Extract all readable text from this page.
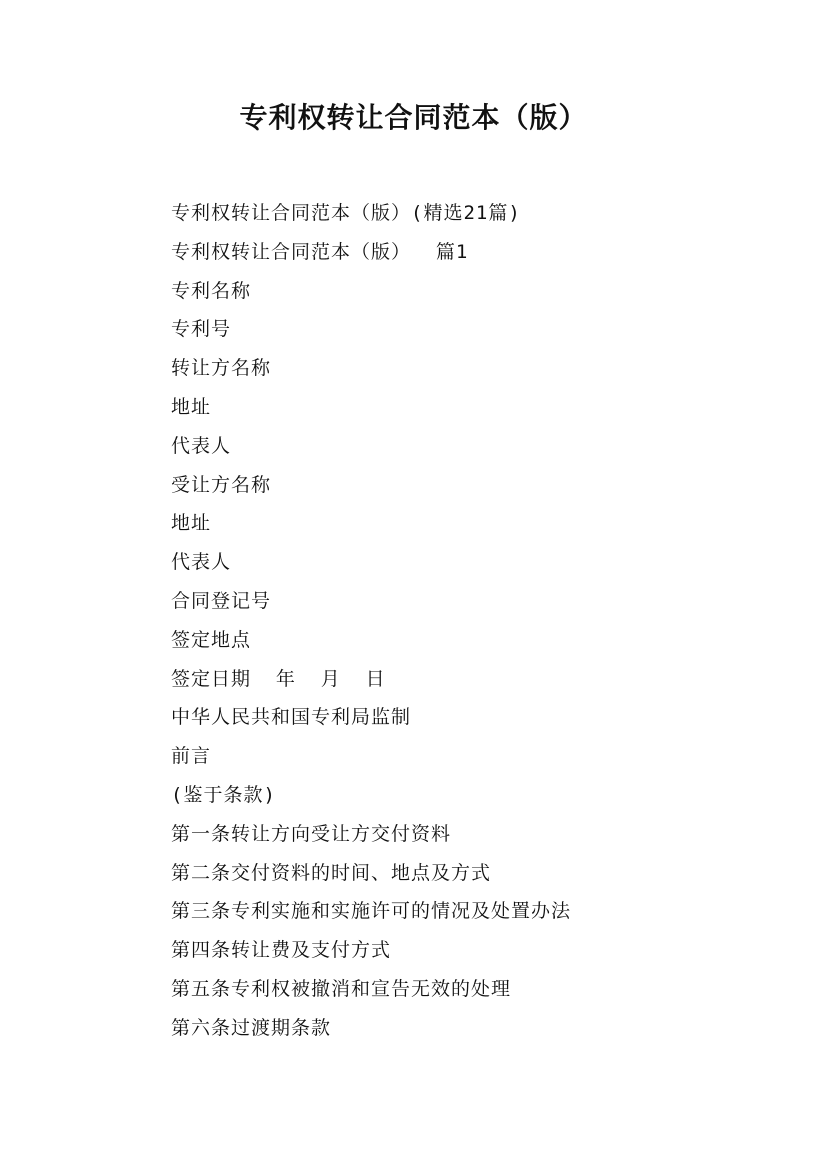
专利权转让合同范本（版）
专利权转让合同范本（版）(精选21篇)
专利权转让合同范本（版）  篇1
专利名称
专利号
转让方名称
地址
代表人
受让方名称
地址
代表人
合同登记号
签定地点
签定日期  年  月  日
中华人民共和国专利局监制
前言
(鉴于条款)
第一条转让方向受让方交付资料
第二条交付资料的时间、地点及方式
第三条专利实施和实施许可的情况及处置办法
第四条转让费及支付方式
第五条专利权被撤消和宣告无效的处理
第六条过渡期条款
